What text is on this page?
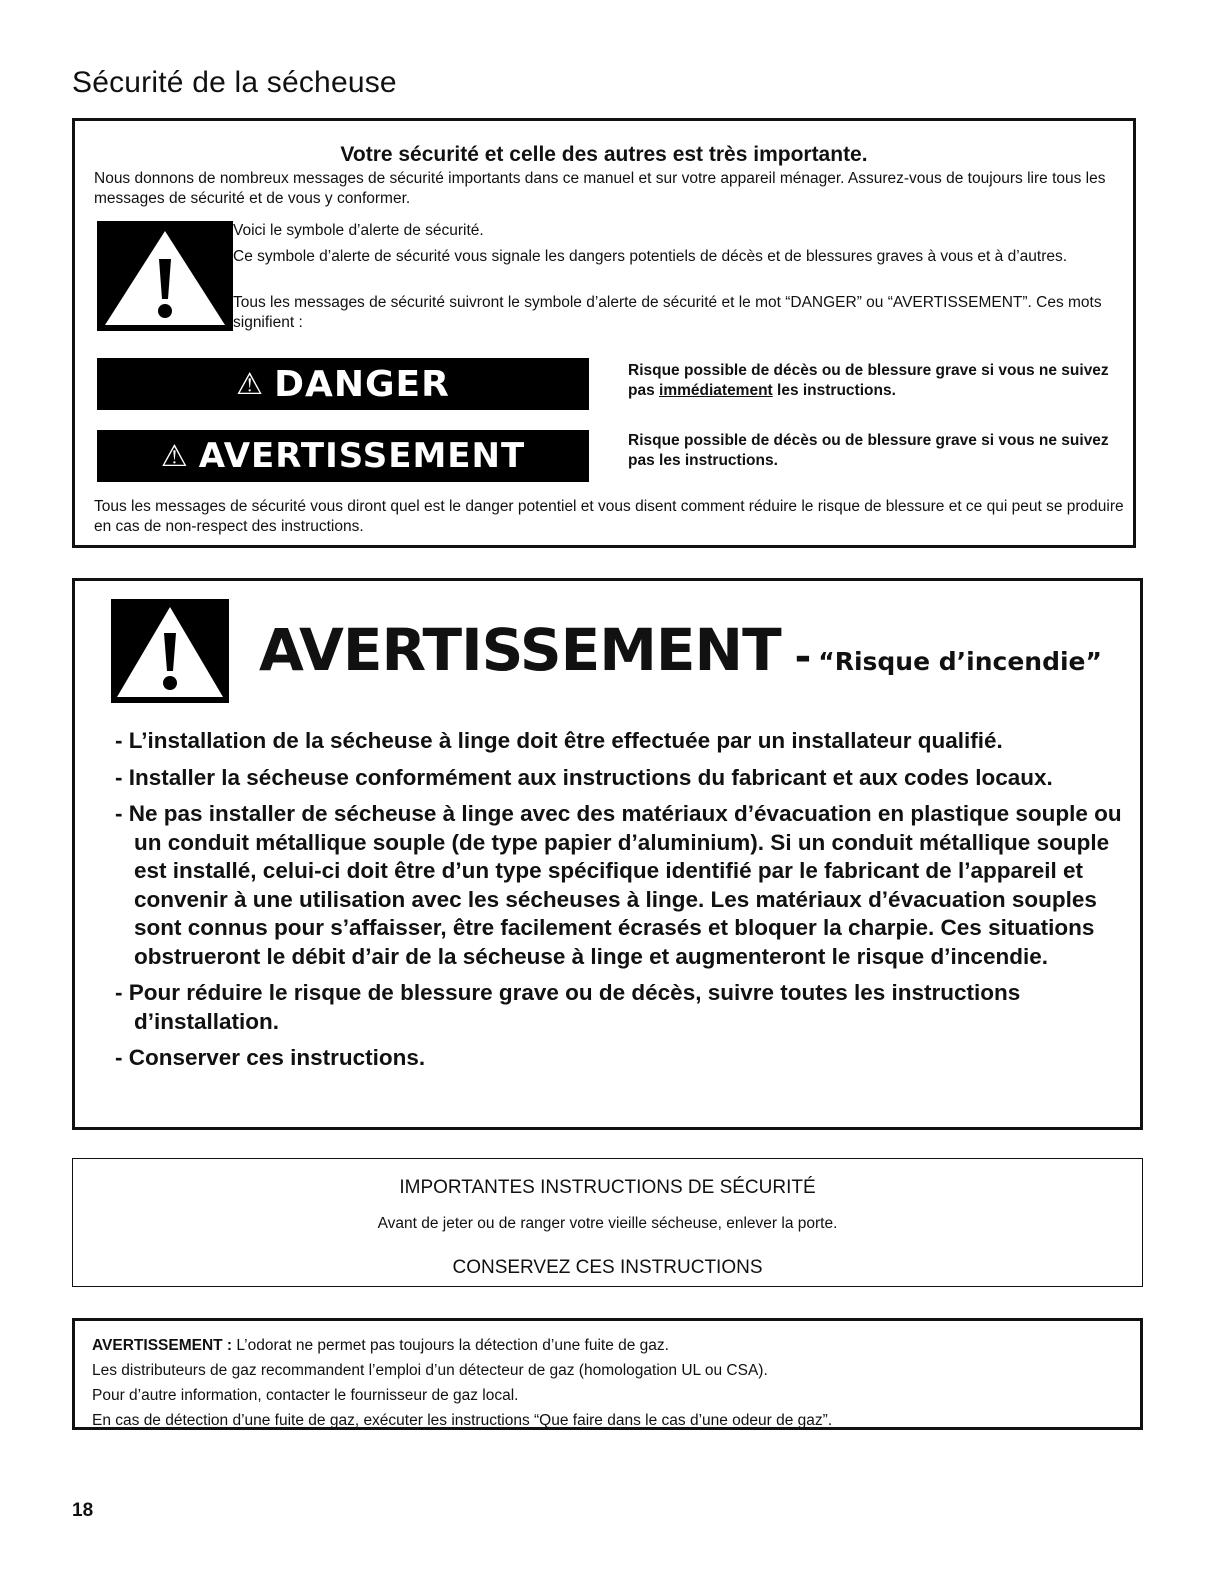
Sécurité de la sécheuse
Votre sécurité et celle des autres est très importante.
Nous donnons de nombreux messages de sécurité importants dans ce manuel et sur votre appareil ménager. Assurez-vous de toujours lire tous les messages de sécurité et de vous y conformer.
Voici le symbole d’alerte de sécurité.
Ce symbole d’alerte de sécurité vous signale les dangers potentiels de décès et de blessures graves à vous et à d’autres.
Tous les messages de sécurité suivront le symbole d’alerte de sécurité et le mot “DANGER” ou “AVERTISSEMENT”. Ces mots signifient :
⚠ DANGER	Risque possible de décès ou de blessure grave si vous ne suivez pas immédiatement les instructions.
⚠ AVERTISSEMENT	Risque possible de décès ou de blessure grave si vous ne suivez pas les instructions.
Tous les messages de sécurité vous diront quel est le danger potentiel et vous disent comment réduire le risque de blessure et ce qui peut se produire en cas de non-respect des instructions.
AVERTISSEMENT - “Risque d’incendie”
- L’installation de la sécheuse à linge doit être effectuée par un installateur qualifié.
- Installer la sécheuse conformément aux instructions du fabricant et aux codes locaux.
- Ne pas installer de sécheuse à linge avec des matériaux d’évacuation en plastique souple ou un conduit métallique souple (de type papier d’aluminium). Si un conduit métallique souple est installé, celui-ci doit être d’un type spécifique identifié par le fabricant de l’appareil et convenir à une utilisation avec les sécheuses à linge. Les matériaux d’évacuation souples sont connus pour s’affaisser, être facilement écrasés et bloquer la charpie. Ces situations obstrueront le débit d’air de la sécheuse à linge et augmenteront le risque d’incendie.
- Pour réduire le risque de blessure grave ou de décès, suivre toutes les instructions d’installation.
- Conserver ces instructions.
IMPORTANTES INSTRUCTIONS DE SÉCURITÉ
Avant de jeter ou de ranger votre vieille sécheuse, enlever la porte.
CONSERVEZ CES INSTRUCTIONS
AVERTISSEMENT : L’odorat ne permet pas toujours la détection d’une fuite de gaz.
Les distributeurs de gaz recommandent l’emploi d’un détecteur de gaz (homologation UL ou CSA).
Pour d’autre information, contacter le fournisseur de gaz local.
En cas de détection d’une fuite de gaz, exécuter les instructions “Que faire dans le cas d’une odeur de gaz”.
18
